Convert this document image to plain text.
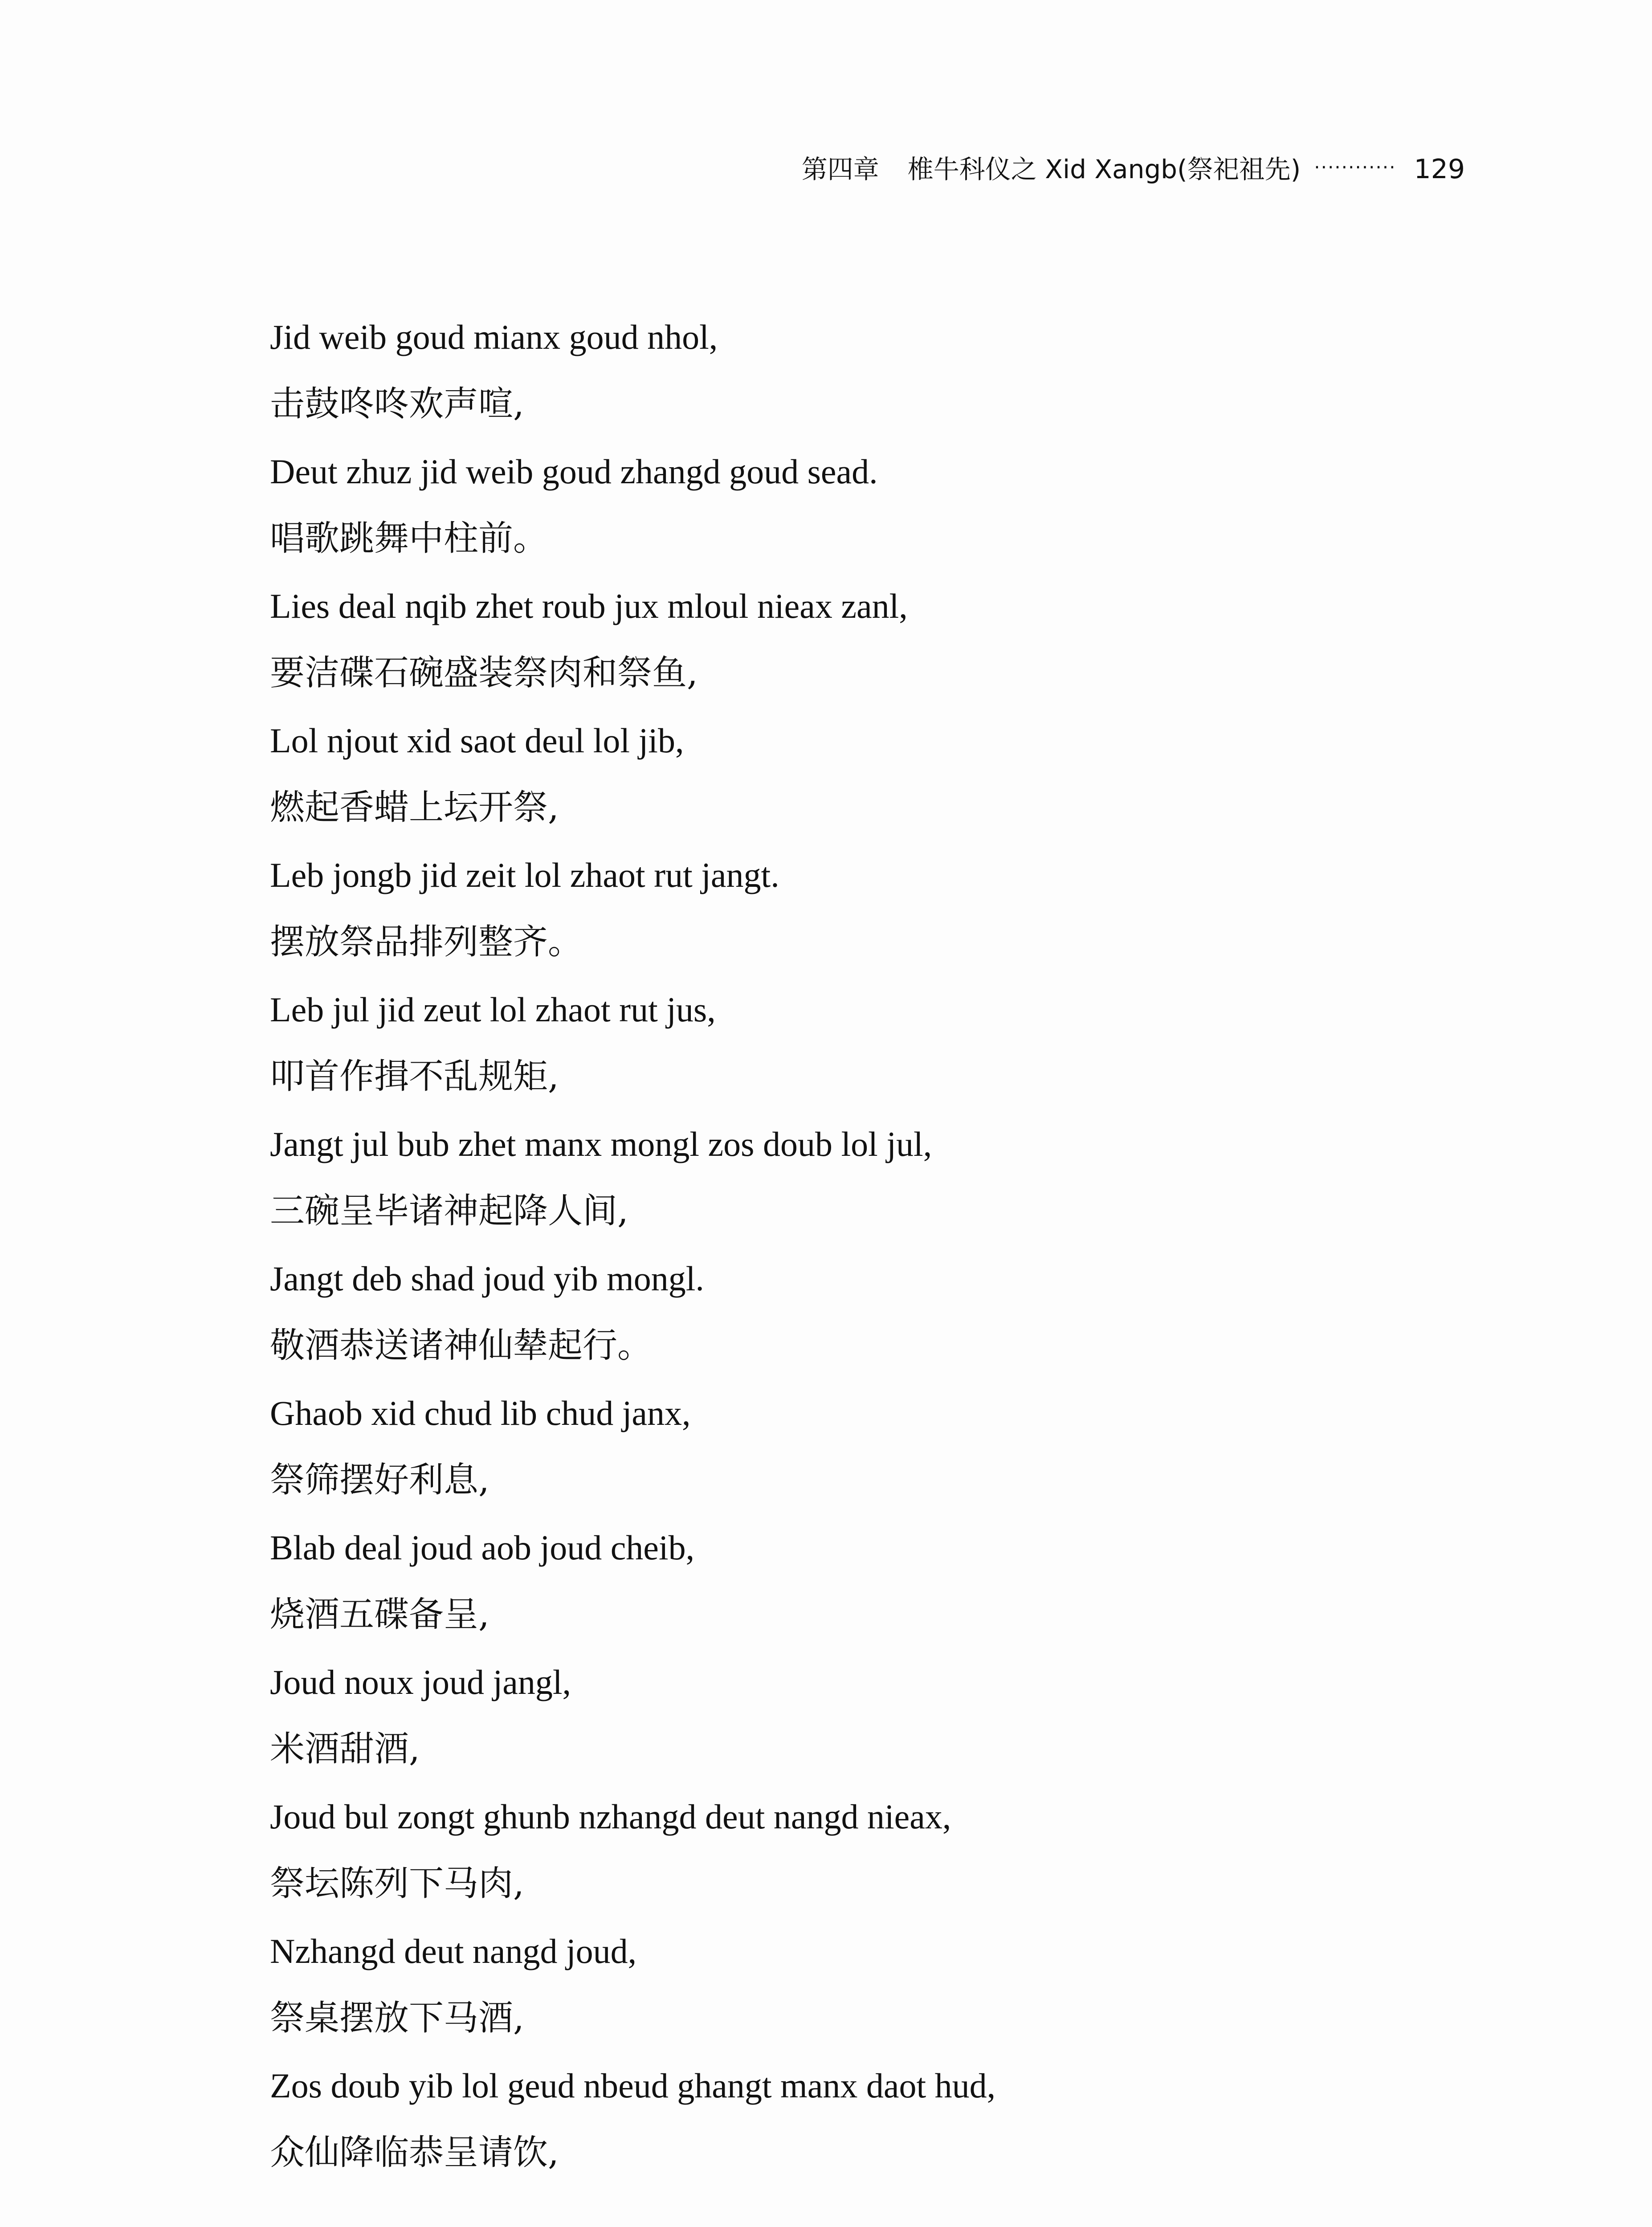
第四章 椎牛科仪之 Xid Xangb(祭祀祖先) ············ 129

Jid weib goud mianx goud nhol,

击鼓咚咚欢声喧,

Deut zhuz jid weib goud zhangd goud sead.

唱歌跳舞中柱前。

Lies deal nqib zhet roub jux mloul nieax zanl,

要洁碟石碗盛装祭肉和祭鱼,

Lol njout xid saot deul lol jib,

燃起香蜡上坛开祭,

Leb jongb jid zeit lol zhaot rut jangt.

摆放祭品排列整齐。

Leb jul jid zeut lol zhaot rut jus,

叩首作揖不乱规矩,

Jangt jul bub zhet manx mongl zos doub lol jul,

三碗呈毕诸神起降人间,

Jangt deb shad joud yib mongl.

敬酒恭送诸神仙辇起行。

Ghaob xid chud lib chud janx,

祭筛摆好利息,

Blab deal joud aob joud cheib,

烧酒五碟备呈,

Joud noux joud jangl,

米酒甜酒,

Joud bul zongt ghunb nzhangd deut nangd nieax,

祭坛陈列下马肉,

Nzhangd deut nangd joud,

祭桌摆放下马酒,

Zos doub yib lol geud nbeud ghangt manx daot hud,

众仙降临恭呈请饮,
